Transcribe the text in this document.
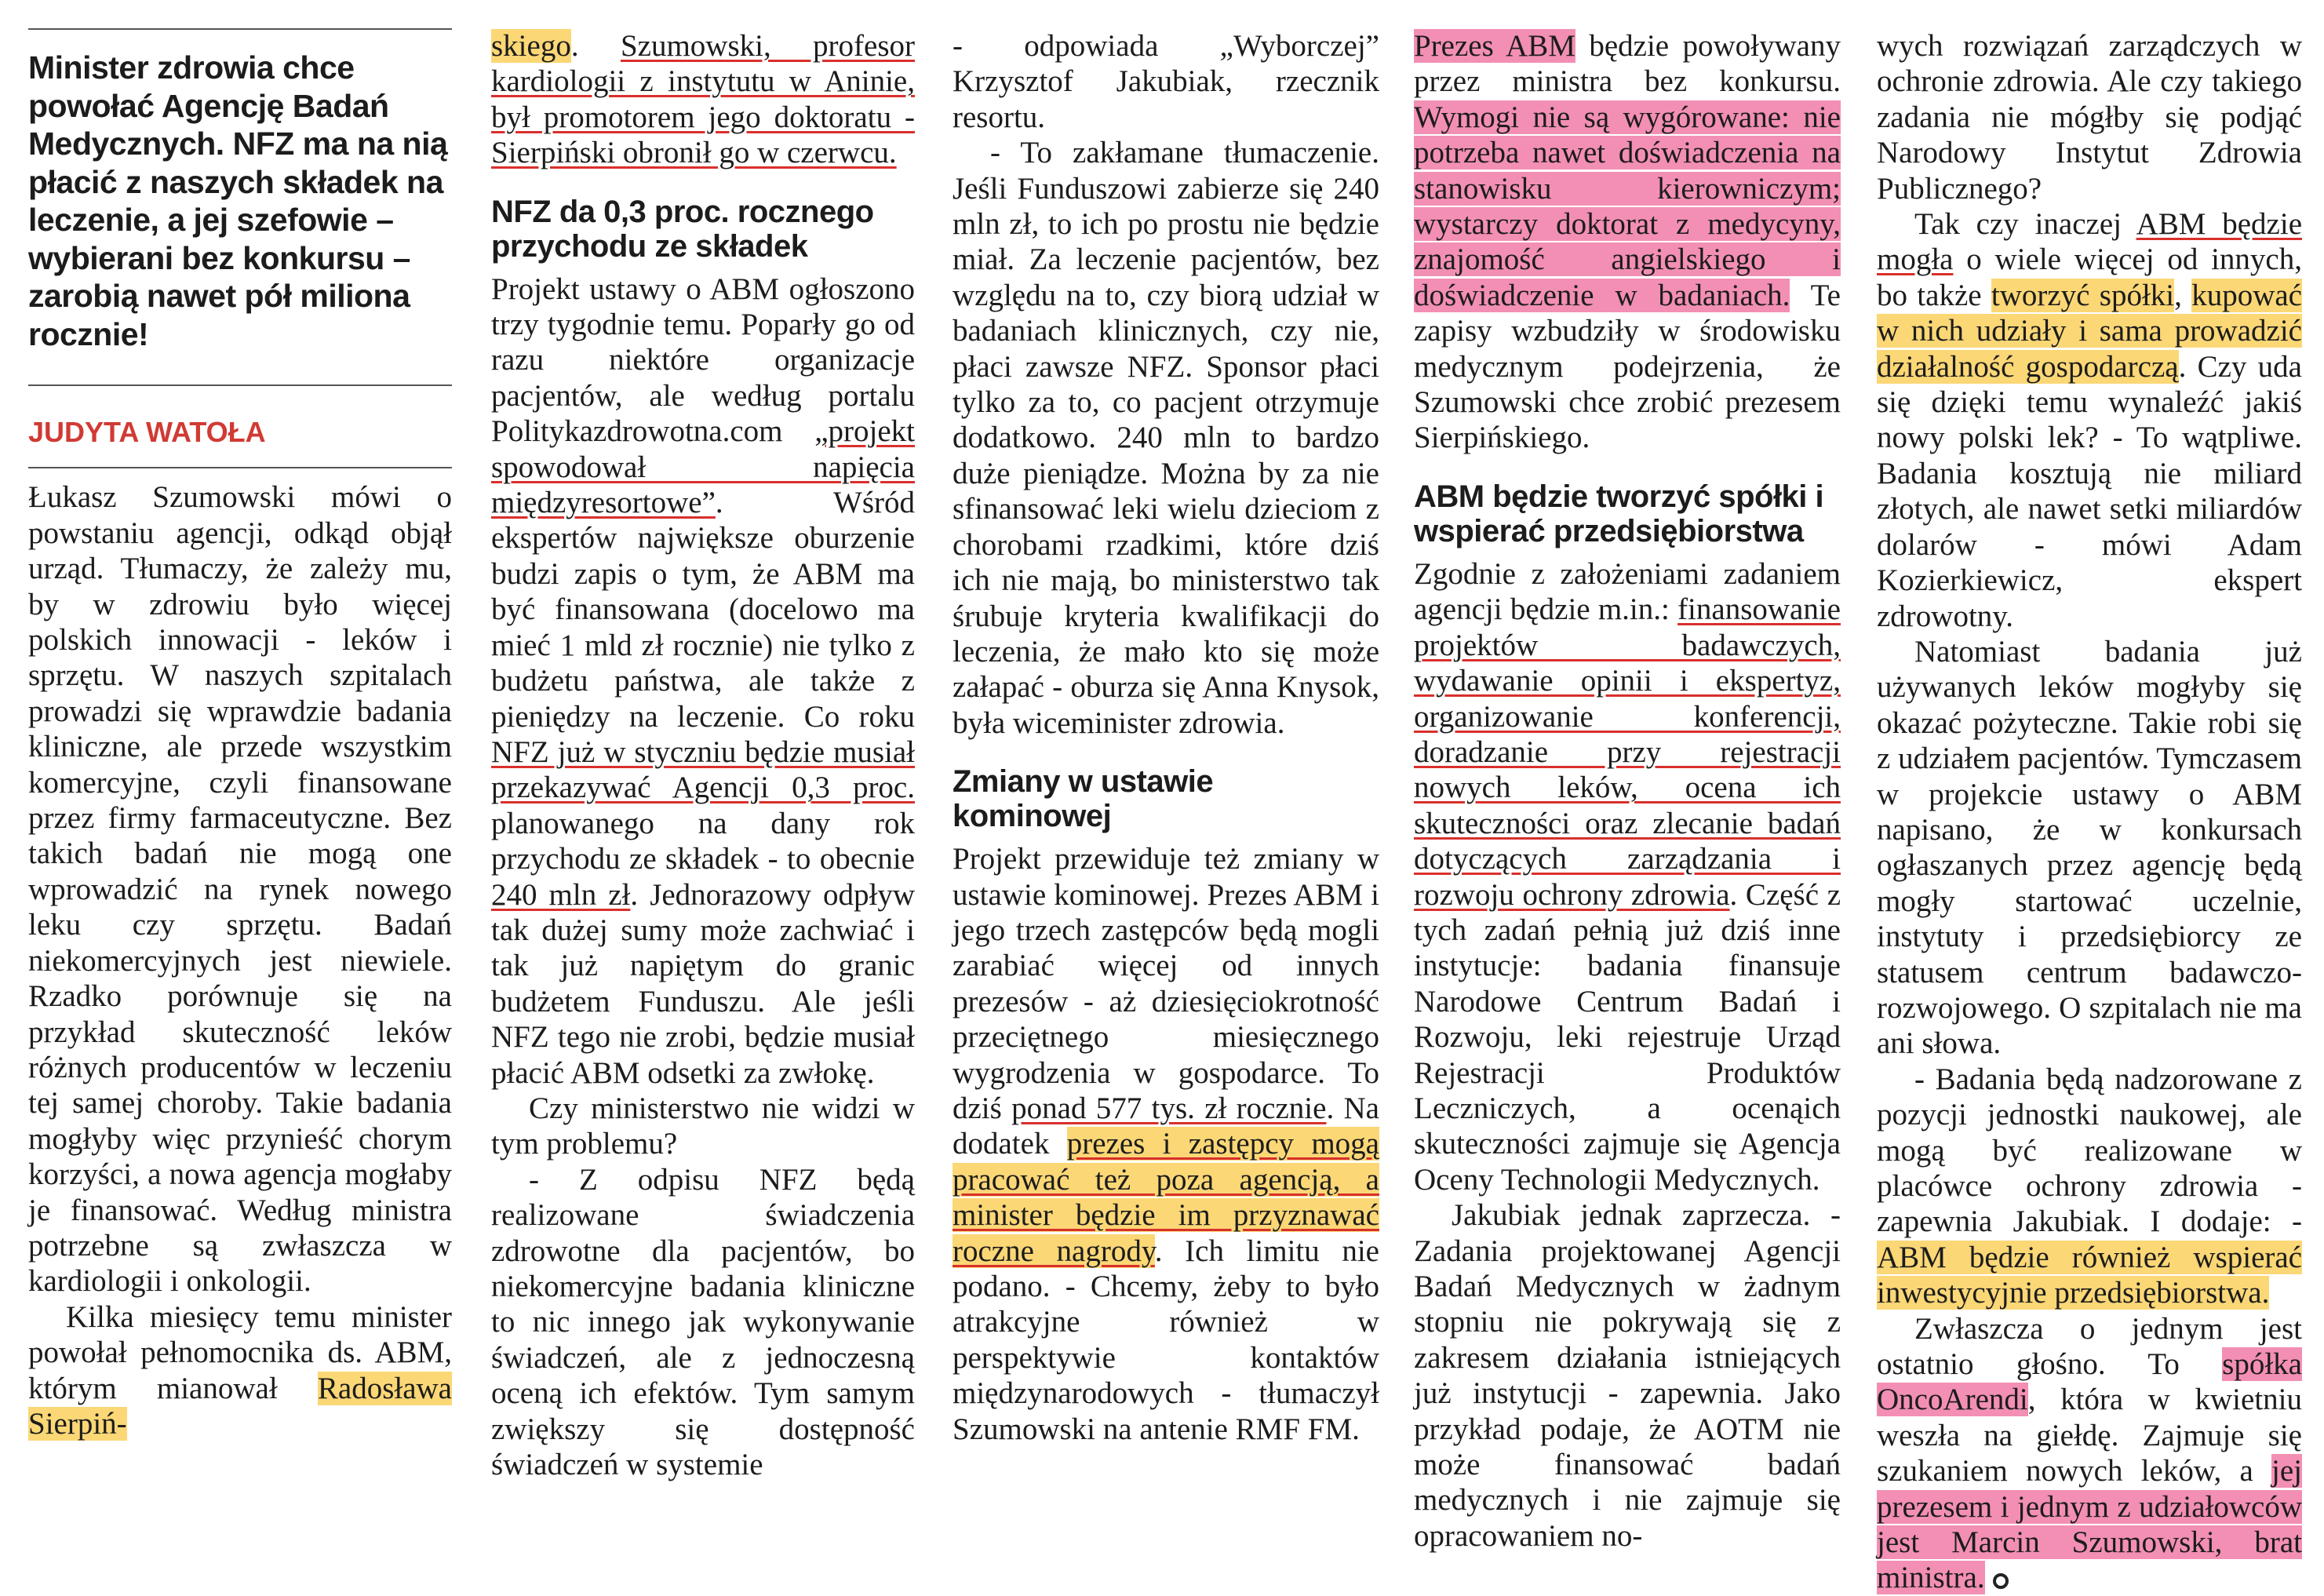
Minister zdrowia chce powołać Agencję Badań Medycznych. NFZ ma na nią płacić z naszych składek na leczenie, a jej szefowie – wybierani bez konkursu – zarobią nawet pół miliona rocznie!

JUDYTA WATOŁA

Łukasz Szumowski mówi o powstaniu agencji, odkąd objął urząd. Tłumaczy, że zależy mu, by w zdrowiu było więcej polskich innowacji - leków i sprzętu. W naszych szpitalach prowadzi się wprawdzie badania kliniczne, ale przede wszystkim komercyjne, czyli finansowane przez firmy farmaceutyczne. Bez takich badań nie mogą one wprowadzić na rynek nowego leku czy sprzętu. Badań niekomercyjnych jest niewiele. Rzadko porównuje się na przykład skuteczność leków różnych producentów w leczeniu tej samej choroby. Takie badania mogłyby więc przynieść chorym korzyści, a nowa agencja mogłaby je finansować. Według ministra potrzebne są zwłaszcza w kardiologii i onkologii.

Kilka miesięcy temu minister powołał pełnomocnika ds. ABM, którym mianował Radosława Sierpiń-

skiego. Szumowski, profesor kardiologii z instytutu w Aninie, był promotorem jego doktoratu - Sierpiński obronił go w czerwcu.

NFZ da 0,3 proc. rocznego przychodu ze składek

Projekt ustawy o ABM ogłoszono trzy tygodnie temu. Poparły go od razu niektóre organizacje pacjentów, ale według portalu Politykazdrowotna.com „projekt spowodował napięcia międzyresortowe”. Wśród ekspertów największe oburzenie budzi zapis o tym, że ABM ma być finansowana (docelowo ma mieć 1 mld zł rocznie) nie tylko z budżetu państwa, ale także z pieniędzy na leczenie. Co roku NFZ już w styczniu będzie musiał przekazywać Agencji 0,3 proc. planowanego na dany rok przychodu ze składek - to obecnie 240 mln zł. Jednorazowy odpływ tak dużej sumy może zachwiać i tak już napiętym do granic budżetem Funduszu. Ale jeśli NFZ tego nie zrobi, będzie musiał płacić ABM odsetki za zwłokę.

Czy ministerstwo nie widzi w tym problemu?

- Z odpisu NFZ będą realizowane świadczenia zdrowotne dla pacjentów, bo niekomercyjne badania kliniczne to nic innego jak wykonywanie świadczeń, ale z jednoczesną oceną ich efektów. Tym samym zwiększy się dostępność świadczeń w systemie

- odpowiada „Wyborczej” Krzysztof Jakubiak, rzecznik resortu.

- To zakłamane tłumaczenie. Jeśli Funduszowi zabierze się 240 mln zł, to ich po prostu nie będzie miał. Za leczenie pacjentów, bez względu na to, czy biorą udział w badaniach klinicznych, czy nie, płaci zawsze NFZ. Sponsor płaci tylko za to, co pacjent otrzymuje dodatkowo. 240 mln to bardzo duże pieniądze. Można by za nie sfinansować leki wielu dzieciom z chorobami rzadkimi, które dziś ich nie mają, bo ministerstwo tak śrubuje kryteria kwalifikacji do leczenia, że mało kto się może załapać - oburza się Anna Knysok, była wiceminister zdrowia.

Zmiany w ustawie kominowej

Projekt przewiduje też zmiany w ustawie kominowej. Prezes ABM i jego trzech zastępców będą mogli zarabiać więcej od innych prezesów - aż dziesięciokrotność przeciętnego miesięcznego wygrodzenia w gospodarce. To dziś ponad 577 tys. zł rocznie. Na dodatek prezes i zastępcy mogą pracować też poza agencją, a minister będzie im przyznawać roczne nagrody. Ich limitu nie podano. - Chcemy, żeby to było atrakcyjne również w perspektywie kontaktów międzynarodowych - tłumaczył Szumowski na antenie RMF FM.

Prezes ABM będzie powoływany przez ministra bez konkursu. Wymogi nie są wygórowane: nie potrzeba nawet doświadczenia na stanowisku kierowniczym; wystarczy doktorat z medycyny, znajomość angielskiego i doświadczenie w badaniach. Te zapisy wzbudziły w środowisku medycznym podejrzenia, że Szumowski chce zrobić prezesem Sierpińskiego.

ABM będzie tworzyć spółki i wspierać przedsiębiorstwa

Zgodnie z założeniami zadaniem agencji będzie m.in.: finansowanie projektów badawczych, wydawanie opinii i ekspertyz, organizowanie konferencji, doradzanie przy rejestracji nowych leków, ocena ich skuteczności oraz zlecanie badań dotyczących zarządzania i rozwoju ochrony zdrowia. Część z tych zadań pełnią już dziś inne instytucje: badania finansuje Narodowe Centrum Badań i Rozwoju, leki rejestruje Urząd Rejestracji Produktów Leczniczych, a ocenąich skuteczności zajmuje się Agencja Oceny Technologii Medycznych.

Jakubiak jednak zaprzecza. - Zadania projektowanej Agencji Badań Medycznych w żadnym stopniu nie pokrywają się z zakresem działania istniejących już instytucji - zapewnia. Jako przykład podaje, że AOTM nie może finansować badań medycznych i nie zajmuje się opracowaniem no-

wych rozwiązań zarządczych w ochronie zdrowia. Ale czy takiego zadania nie mógłby się podjąć Narodowy Instytut Zdrowia Publicznego?

Tak czy inaczej ABM będzie mogła o wiele więcej od innych, bo także tworzyć spółki, kupować w nich udziały i sama prowadzić działalność gospodarczą. Czy uda się dzięki temu wynaleźć jakiś nowy polski lek? - To wątpliwe. Badania kosztują nie miliard złotych, ale nawet setki miliardów dolarów - mówi Adam Kozierkiewicz, ekspert zdrowotny.

Natomiast badania już używanych leków mogłyby się okazać pożyteczne. Takie robi się z udziałem pacjentów. Tymczasem w projekcie ustawy o ABM napisano, że w konkursach ogłaszanych przez agencję będą mogły startować uczelnie, instytuty i przedsiębiorcy ze statusem centrum badawczo-rozwojowego. O szpitalach nie ma ani słowa.

- Badania będą nadzorowane z pozycji jednostki naukowej, ale mogą być realizowane w placówce ochrony zdrowia - zapewnia Jakubiak. I dodaje: - ABM będzie również wspierać inwestycyjnie przedsiębiorstwa.

Zwłaszcza o jednym jest ostatnio głośno. To spółka OncoArendi, która w kwietniu weszła na giełdę. Zajmuje się szukaniem nowych leków, a jej prezesem i jednym z udziałowców jest Marcin Szumowski, brat ministra.
